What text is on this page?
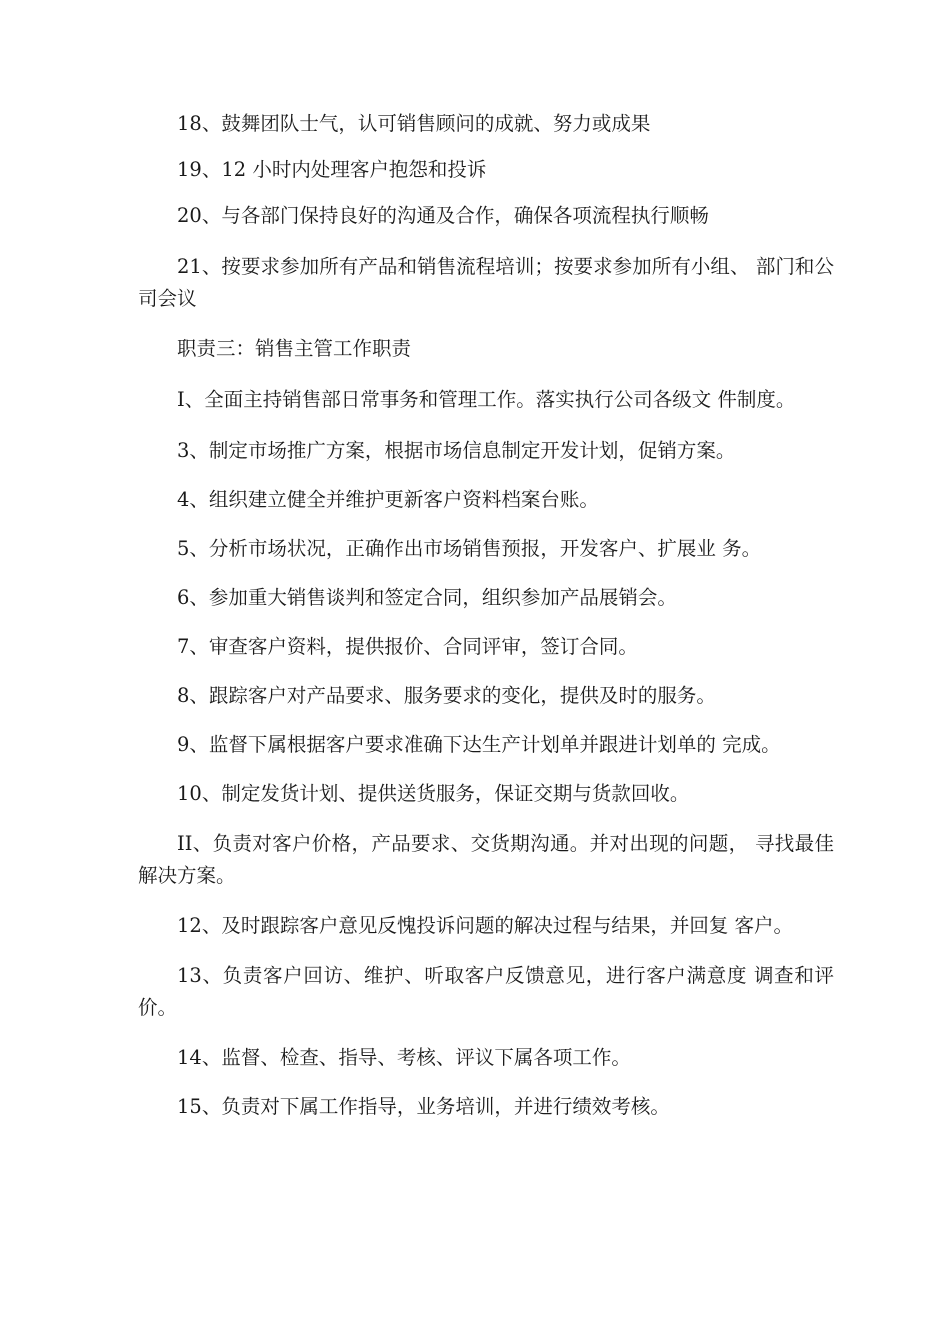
18、鼓舞团队士气，认可销售顾问的成就、努力或成果

19、12 小时内处理客户抱怨和投诉

20、与各部门保持良好的沟通及合作，确保各项流程执行顺畅

21、按要求参加所有产品和销售流程培训；按要求参加所有小组、 部门和公司会议

职责三：销售主管工作职责

I、全面主持销售部日常事务和管理工作。落实执行公司各级文 件制度。

3、制定市场推广方案，根据市场信息制定开发计划，促销方案。

4、组织建立健全并维护更新客户资料档案台账。

5、分析市场状况，正确作出市场销售预报，开发客户、扩展业 务。

6、参加重大销售谈判和签定合同，组织参加产品展销会。

7、审查客户资料，提供报价、合同评审，签订合同。

8、跟踪客户对产品要求、服务要求的变化，提供及时的服务。

9、监督下属根据客户要求准确下达生产计划单并跟进计划单的 完成。

10、制定发货计划、提供送货服务，保证交期与货款回收。

II、负责对客户价格，产品要求、交货期沟通。并对出现的问题， 寻找最佳解决方案。

12、及时跟踪客户意见反愧投诉问题的解决过程与结果，并回复 客户。

13、负责客户回访、维护、听取客户反馈意见，进行客户满意度 调查和评价。

14、监督、检查、指导、考核、评议下属各项工作。

15、负责对下属工作指导，业务培训，并进行绩效考核。
